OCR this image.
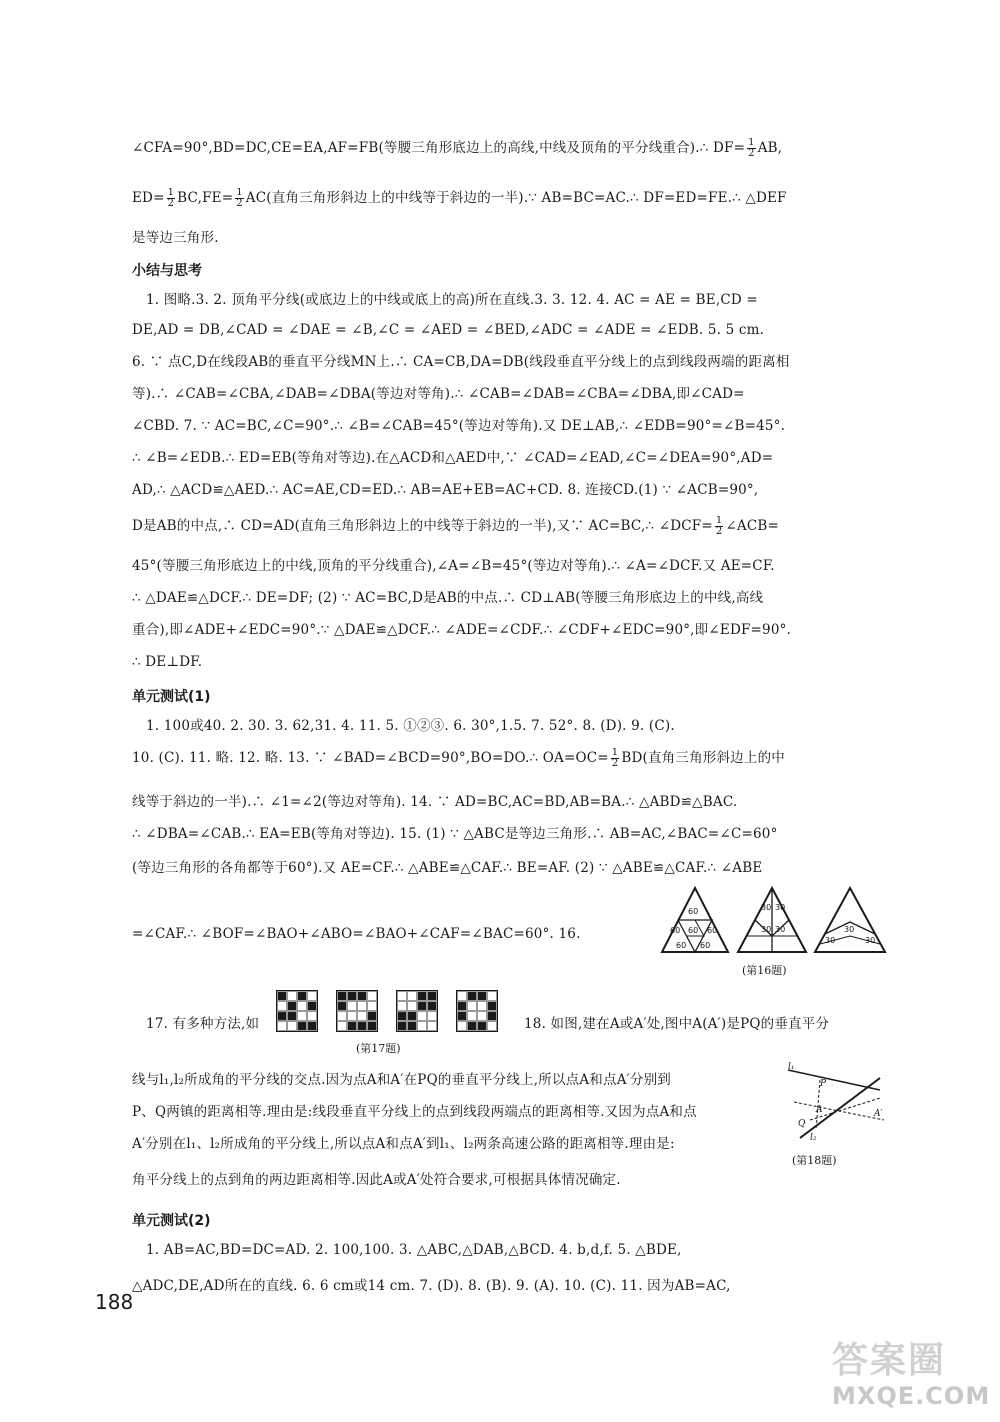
∠CFA=90°,BD=DC,CE=EA,AF=FB(等腰三角形底边上的高线,中线及顶角的平分线重合).∴ $DF= \frac{1}{2}$ AB,
$ED= \frac{1}{2} BC,FE= \frac{1}{2} AC$(直角三角形斜边上的中线等于斜边的一半).∵ AB=BC=AC.∴ DF=ED=FE.∴ △DEF
是等边三角形.
小结与思考
1. 图略.3. 2. 顶角平分线(或底边上的中线或底上的高)所在直线.3. 3. 12. 4. AC = AE = BE,CD =
DE,AD = DB,∠CAD = ∠DAE = ∠B,∠C = ∠AED = ∠BED,∠ADC = ∠ADE = ∠EDB. 5. 5 cm.
6. ∵ 点C,D在线段AB的垂直平分线MN上.∴ CA=CB,DA=DB(线段垂直平分线上的点到线段两端的距离相
等).∴ ∠CAB=∠CBA,∠DAB=∠DBA(等边对等角).∴ ∠CAB=∠DAB=∠CBA=∠DBA,即∠CAD=
∠CBD. 7. ∵ AC=BC,∠C=90°.∴ ∠B=∠CAB=45°(等边对等角).又 DE⊥AB,∴ ∠EDB=90°=∠B=45°.
∴ ∠B=∠EDB.∴ ED=EB(等角对等边).在△ACD和△AED中,∵ ∠CAD=∠EAD,∠C=∠DEA=90°,AD=
AD,∴ △ACD≌△AED.∴ AC=AE,CD=ED.∴ AB=AE+EB=AC+CD. 8. 连接CD.(1) ∵ ∠ACB=90°,
D是AB的中点,∴ CD=AD(直角三角形斜边上的中线等于斜边的一半),又∵ AC=BC,∴ ∠DCF= $\frac{1}{2}$ ∠ACB=
45°(等腰三角形底边上的中线,顶角的平分线重合),∠A=∠B=45°(等边对等角).∴ ∠A=∠DCF.又 AE=CF.
∴ △DAE≌△DCF.∴ DE=DF; (2) ∵ AC=BC,D是AB的中点.∴ CD⊥AB(等腰三角形底边上的中线,高线
重合),即∠ADE+∠EDC=90°.∵ △DAE≌△DCF.∴ ∠ADE=∠CDF.∴ ∠CDF+∠EDC=90°,即∠EDF=90°.
∴ DE⊥DF.
单元测试(1)
1. 100或40. 2. 30. 3. 62,31. 4. 11. 5. ①②③. 6. 30°,1.5. 7. 52°. 8. (D). 9. (C).
10. (C). 11. 略. 12. 略. 13. ∵ ∠BAD=∠BCD=90°,BO=DO.∴ $OA=OC= \frac{1}{2} BD$(直角三角形斜边上的中
线等于斜边的一半).∴ ∠1=∠2(等边对等角). 14. ∵ AD=BC,AC=BD,AB=BA.∴ △ABD≌△BAC.
∴ ∠DBA=∠CAB.∴ EA=EB(等角对等边). 15. (1) ∵ △ABC是等边三角形.∴ AB=AC,∠BAC=∠C=60°
(等边三角形的各角都等于60°).又 AE=CF.∴ △ABE≌△CAF.∴ BE=AF. (2) ∵ △ABE≌△CAF.∴ ∠ABE
=∠CAF.∴ ∠BOF=∠BAO+∠ABO=∠BAO+∠CAF=∠BAC=60°. 16.
60
60	60
60
60 60
30 30
30 30
30
30
30
(第16题)
17. 有多种方法,如
(第17题)
18. 如图,建在A或A′处,图中A(A′)是PQ的垂直平分
线与l₁,l₂所成角的平分线的交点.因为点A和A′在PQ的垂直平分线上,所以点A和点A′分别到
P、Q两镇的距离相等.理由是:线段垂直平分线上的点到线段两端点的距离相等.又因为点A和点
A′分别在l₁、l₂所成角的平分线上,所以点A和点A′到l₁、l₂两条高速公路的距离相等.理由是:
角平分线上的点到角的两边距离相等.因此A或A′处符合要求,可根据具体情况确定.
l₁
l₂
P
Q
A	A′
(第18题)
单元测试(2)
1. AB=AC,BD=DC=AD. 2. 100,100. 3. △ABC,△DAB,△BCD. 4. b,d,f. 5. △BDE,
△ADC,DE,AD所在的直线. 6. 6 cm或14 cm. 7. (D). 8. (B). 9. (A). 10. (C). 11. 因为AB=AC,
188
答案圈
MXQE.COM
